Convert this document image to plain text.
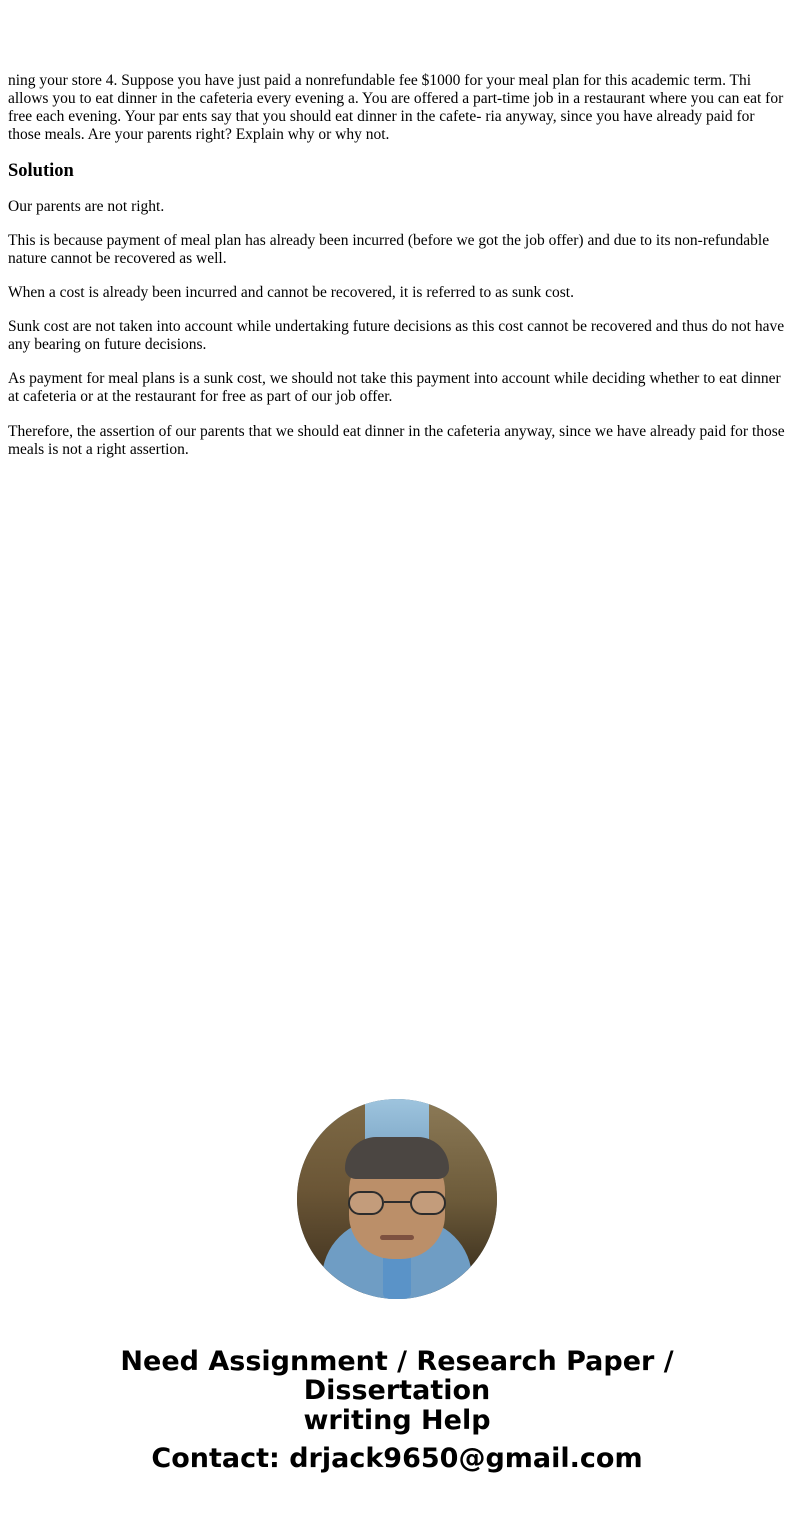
ning your store 4. Suppose you have just paid a nonrefundable fee $1000 for your meal plan for this academic term. Thi allows you to eat dinner in the cafeteria every evening a. You are offered a part-time job in a restaurant where you can eat for free each evening. Your par ents say that you should eat dinner in the cafete- ria anyway, since you have already paid for those meals. Are your parents right? Explain why or why not.

Solution

Our parents are not right.

This is because payment of meal plan has already been incurred (before we got the job offer) and due to its non-refundable nature cannot be recovered as well.

When a cost is already been incurred and cannot be recovered, it is referred to as sunk cost.

Sunk cost are not taken into account while undertaking future decisions as this cost cannot be recovered and thus do not have any bearing on future decisions.

As payment for meal plans is a sunk cost, we should not take this payment into account while deciding whether to eat dinner at cafeteria or at the restaurant for free as part of our job offer.

Therefore, the assertion of our parents that we should eat dinner in the cafeteria anyway, since we have already paid for those meals is not a right assertion.

Need Assignment / Research Paper / Dissertation
writing Help
Contact: drjack9650@gmail.com
